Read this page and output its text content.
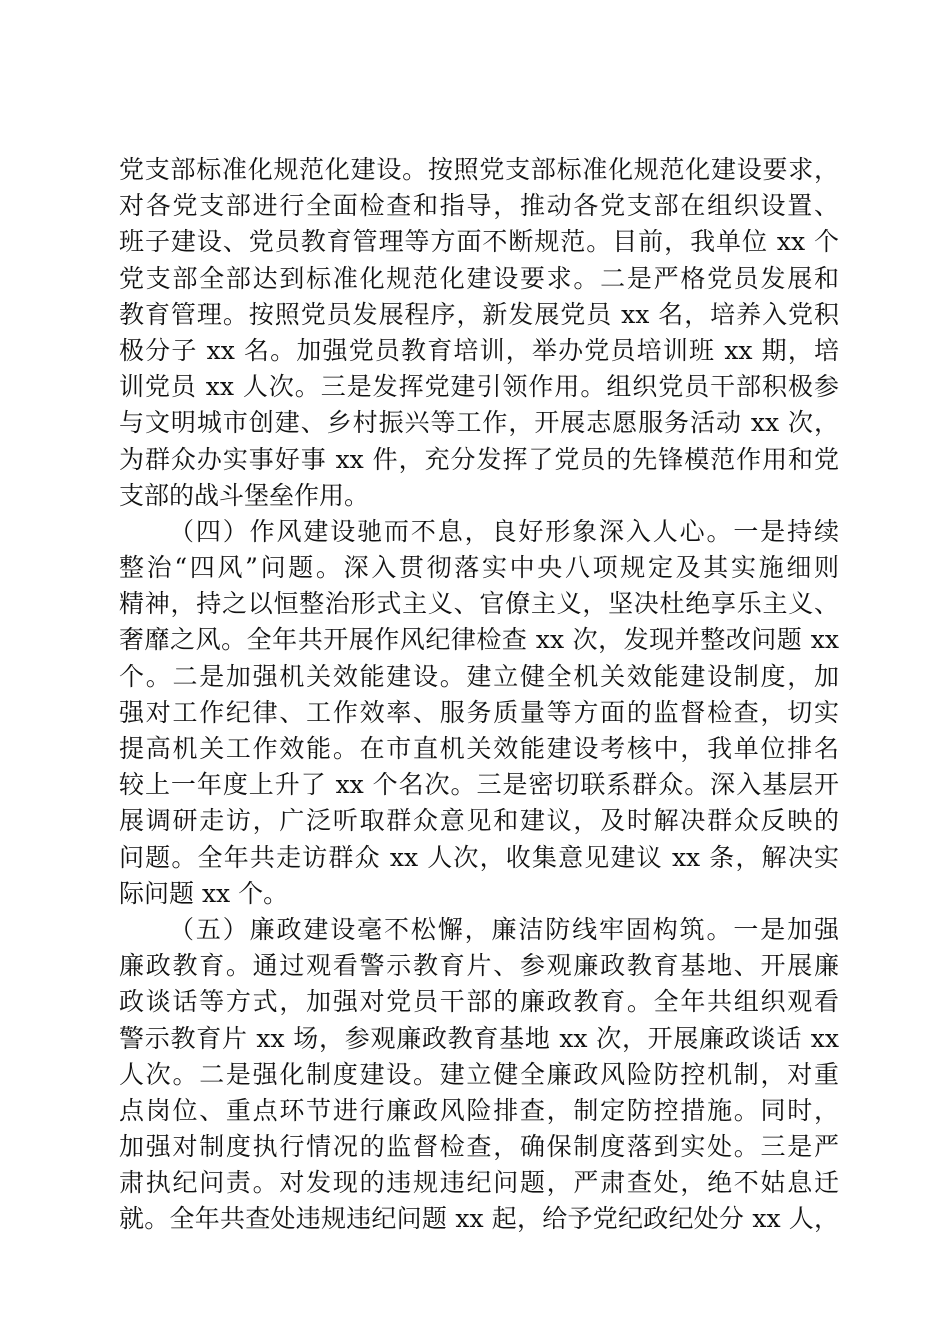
党支部标准化规范化建设。按照党支部标准化规范化建设要求，
对各党支部进行全面检查和指导，推动各党支部在组织设置、
班子建设、党员教育管理等方面不断规范。目前，我单位 xx 个
党支部全部达到标准化规范化建设要求。二是严格党员发展和
教育管理。按照党员发展程序，新发展党员 xx 名，培养入党积
极分子 xx 名。加强党员教育培训，举办党员培训班 xx 期，培
训党员 xx 人次。三是发挥党建引领作用。组织党员干部积极参
与文明城市创建、乡村振兴等工作，开展志愿服务活动 xx 次，
为群众办实事好事 xx 件，充分发挥了党员的先锋模范作用和党
支部的战斗堡垒作用。
（四）作风建设驰而不息，良好形象深入人心。一是持续
整治“四风”问题。深入贯彻落实中央八项规定及其实施细则
精神，持之以恒整治形式主义、官僚主义，坚决杜绝享乐主义、
奢靡之风。全年共开展作风纪律检查 xx 次，发现并整改问题 xx
个。二是加强机关效能建设。建立健全机关效能建设制度，加
强对工作纪律、工作效率、服务质量等方面的监督检查，切实
提高机关工作效能。在市直机关效能建设考核中，我单位排名
较上一年度上升了 xx 个名次。三是密切联系群众。深入基层开
展调研走访，广泛听取群众意见和建议，及时解决群众反映的
问题。全年共走访群众 xx 人次，收集意见建议 xx 条，解决实
际问题 xx 个。
（五）廉政建设毫不松懈，廉洁防线牢固构筑。一是加强
廉政教育。通过观看警示教育片、参观廉政教育基地、开展廉
政谈话等方式，加强对党员干部的廉政教育。全年共组织观看
警示教育片 xx 场，参观廉政教育基地 xx 次，开展廉政谈话 xx
人次。二是强化制度建设。建立健全廉政风险防控机制，对重
点岗位、重点环节进行廉政风险排查，制定防控措施。同时，
加强对制度执行情况的监督检查，确保制度落到实处。三是严
肃执纪问责。对发现的违规违纪问题，严肃查处，绝不姑息迁
就。全年共查处违规违纪问题 xx 起，给予党纪政纪处分 xx 人，
